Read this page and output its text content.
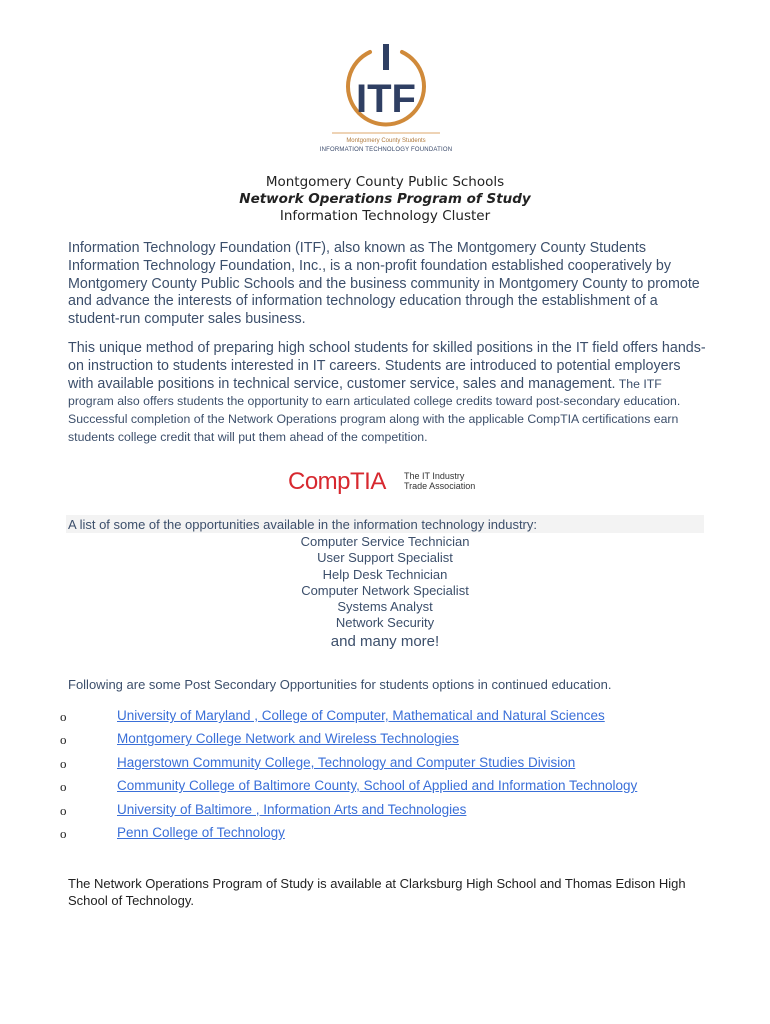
ITF
Montgomery County Students
INFORMATION TECHNOLOGY FOUNDATION
Montgomery County Public Schools
Network Operations Program of Study
Information Technology Cluster
Information Technology Foundation (ITF), also known as The Montgomery County Students Information Technology Foundation, Inc., is a non-profit foundation established cooperatively by Montgomery County Public Schools and the business community in Montgomery County to promote and advance the interests of information technology education through the establishment of a student-run computer sales business.
This unique method of preparing high school students for skilled positions in the IT field offers hands-on instruction to students interested in IT careers. Students are introduced to potential employers with available positions in technical service, customer service, sales and management. The ITF program also offers students the opportunity to earn articulated college credits toward post-secondary education. Successful completion of the Network Operations program along with the applicable CompTIA certifications earn students college credit that will put them ahead of the competition.
CompTIA The IT Industry
Trade Association
A list of some of the opportunities available in the information technology industry:
Computer Service Technician
User Support Specialist
Help Desk Technician
Computer Network Specialist
Systems Analyst
Network Security
and many more!
Following are some Post Secondary Opportunities for students options in continued education.
o	University of Maryland , College of Computer, Mathematical and Natural Sciences
o	Montgomery College Network and Wireless Technologies
o	Hagerstown Community College, Technology and Computer Studies Division
o	Community College of Baltimore County, School of Applied and Information Technology
o	University of Baltimore , Information Arts and Technologies
o	Penn College of Technology
The Network Operations Program of Study is available at Clarksburg High School and Thomas Edison High School of Technology.
